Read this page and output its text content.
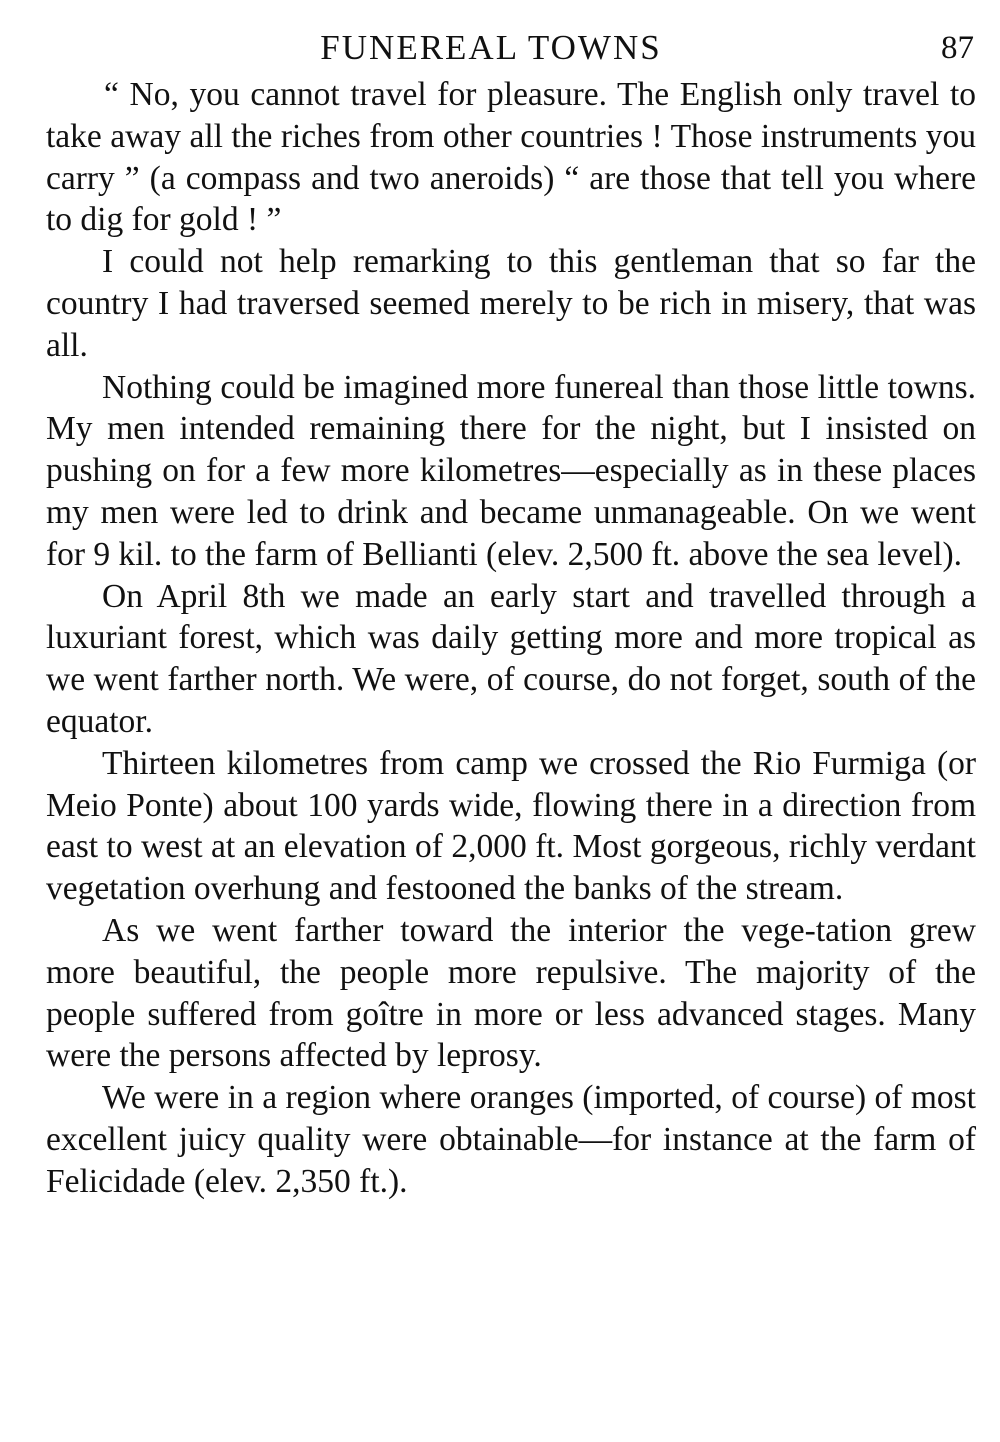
FUNEREAL TOWNS	87

“ No, you cannot travel for pleasure. The English only travel to take away all the riches from other countries ! Those instruments you carry ” (a compass and two aneroids) “ are those that tell you where to dig for gold ! ”

I could not help remarking to this gentleman that so far the country I had traversed seemed merely to be rich in misery, that was all.

Nothing could be imagined more funereal than those little towns. My men intended remaining there for the night, but I insisted on pushing on for a few more kilometres—especially as in these places my men were led to drink and became unmanageable. On we went for 9 kil. to the farm of Bellianti (elev. 2,500 ft. above the sea level).

On April 8th we made an early start and travelled through a luxuriant forest, which was daily getting more and more tropical as we went farther north. We were, of course, do not forget, south of the equator.

Thirteen kilometres from camp we crossed the Rio Furmiga (or Meio Ponte) about 100 yards wide, flowing there in a direction from east to west at an elevation of 2,000 ft. Most gorgeous, richly verdant vegetation overhung and festooned the banks of the stream.

As we went farther toward the interior the vege-tation grew more beautiful, the people more repulsive. The majority of the people suffered from goître in more or less advanced stages. Many were the persons affected by leprosy.

We were in a region where oranges (imported, of course) of most excellent juicy quality were obtainable—for instance at the farm of Felicidade (elev. 2,350 ft.).
